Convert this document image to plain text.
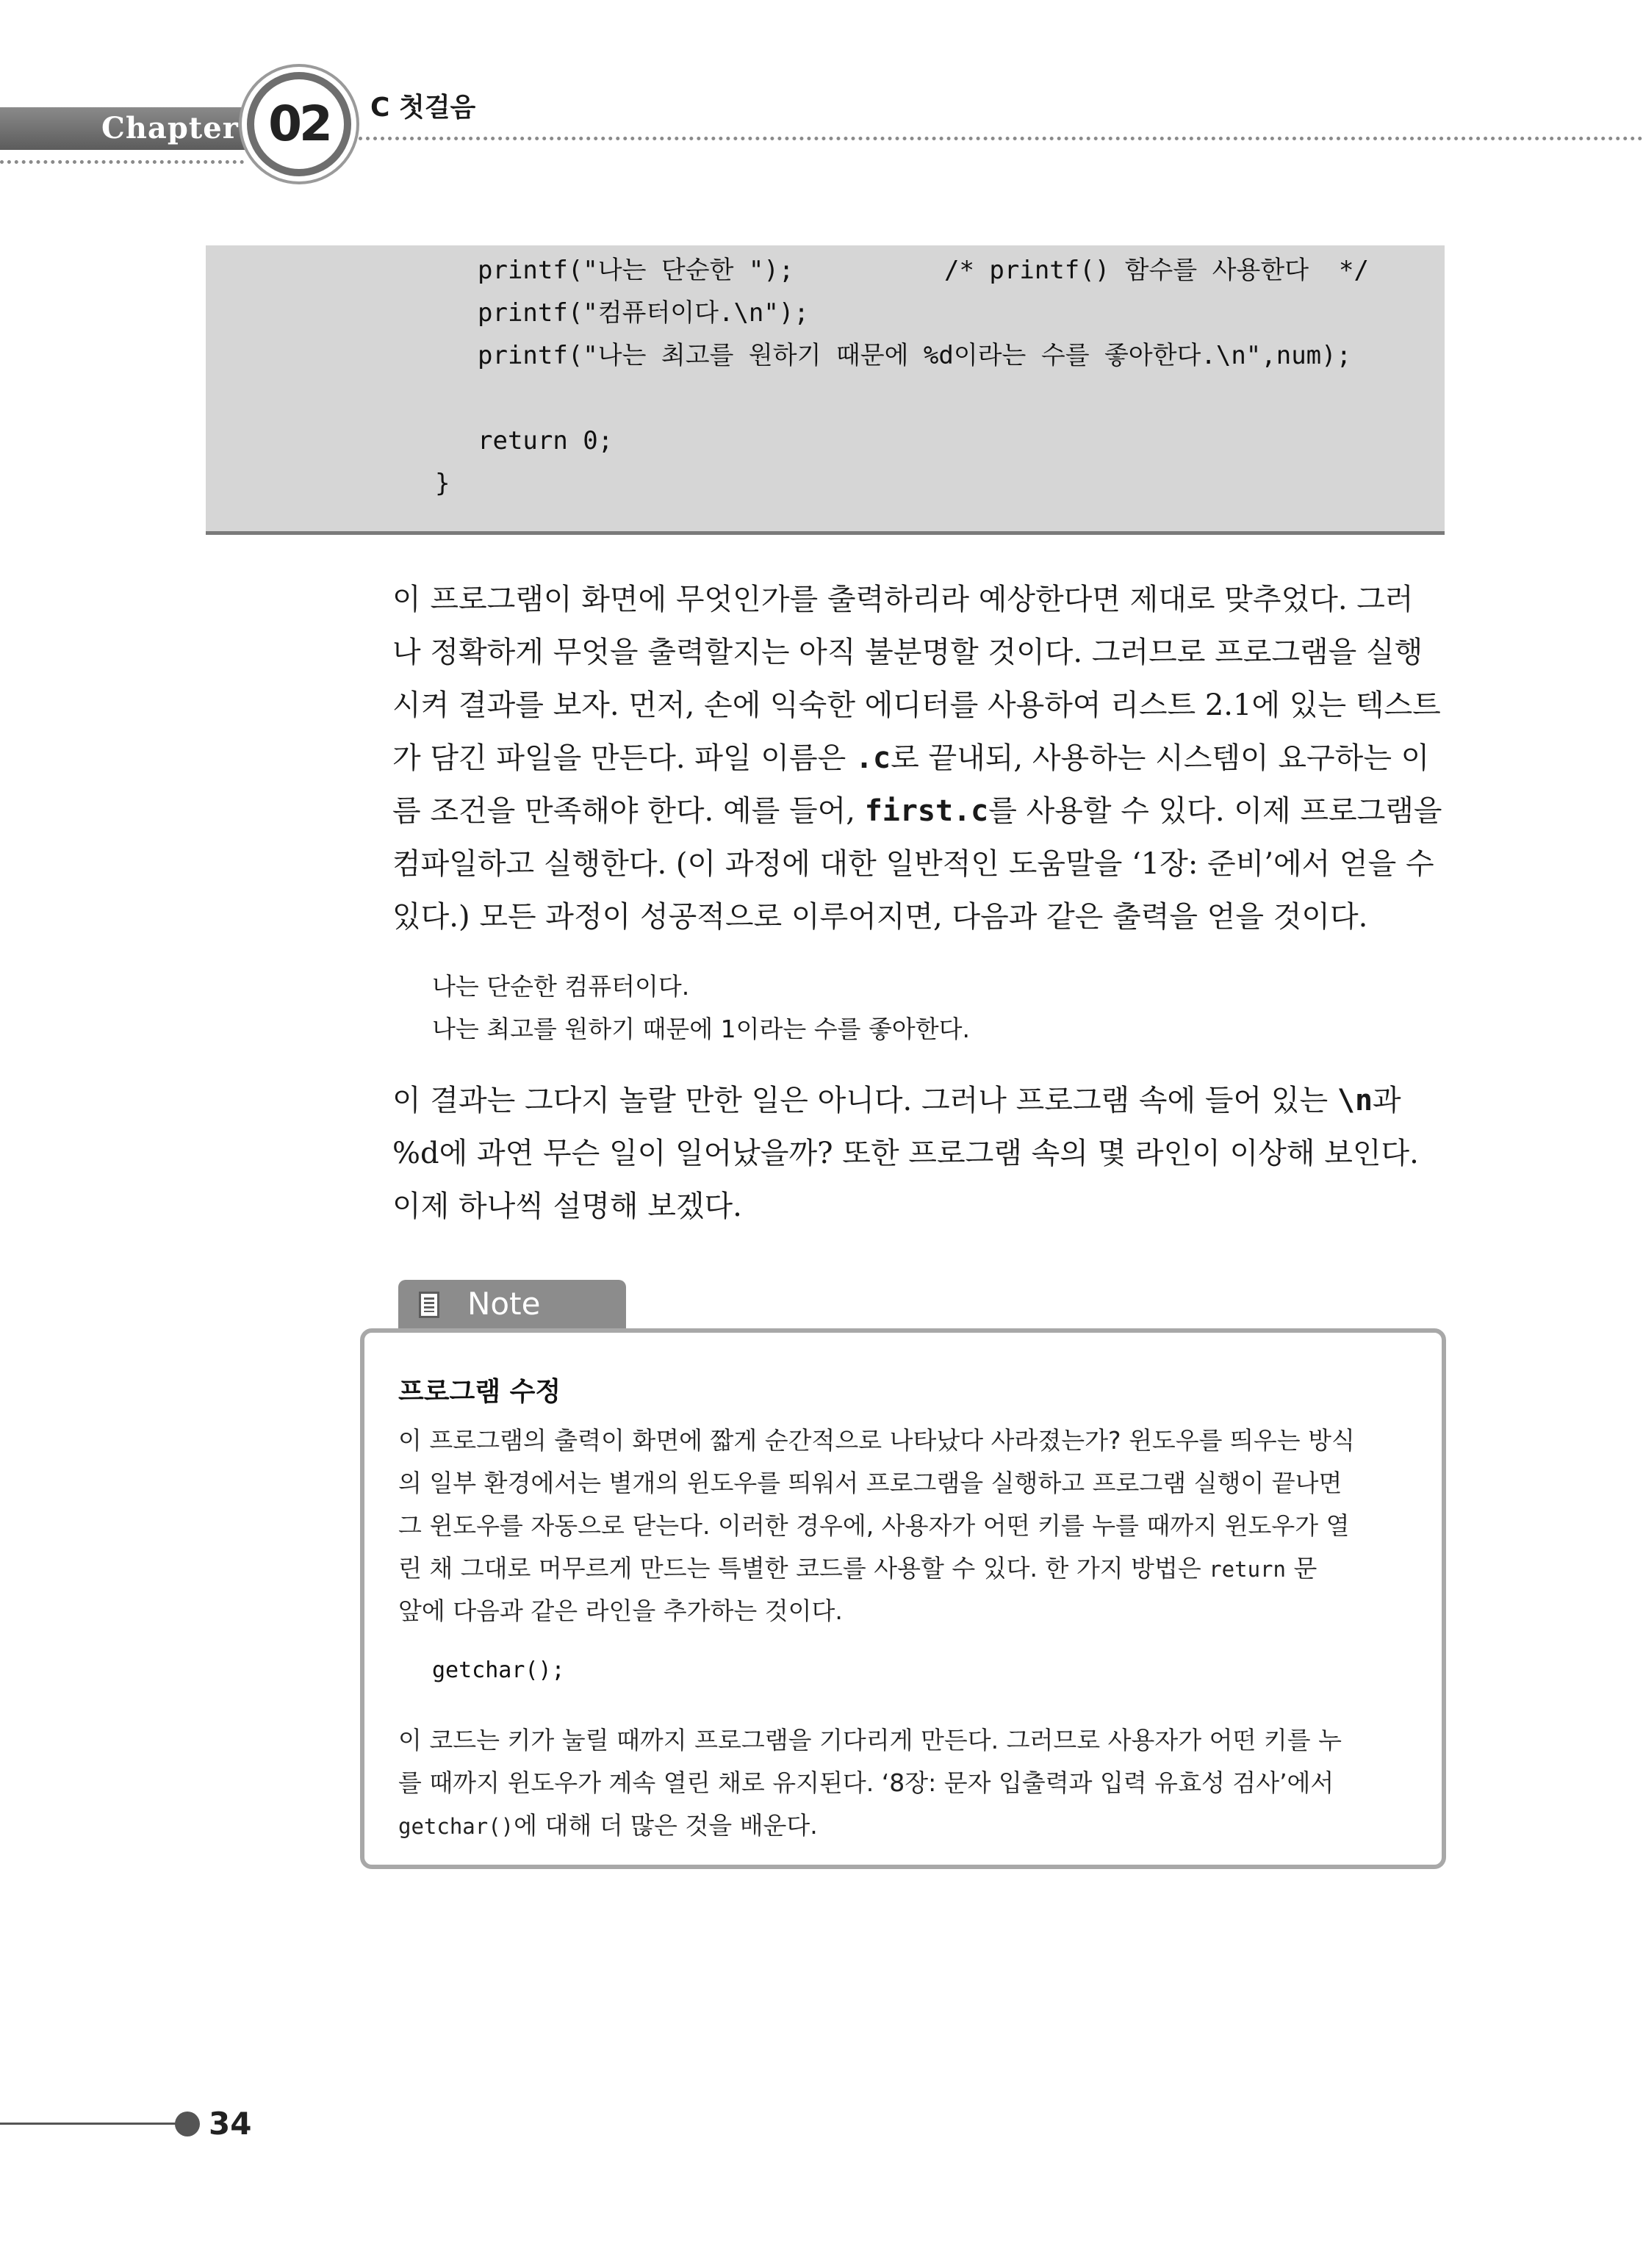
Chapter 02	C 첫걸음
printf("나는 단순한 ");          /* printf() 함수를 사용한다  */
printf("컴퓨터이다.\n");
printf("나는 최고를 원하기 때문에 %d이라는 수를 좋아한다.\n",num);
return 0;
}
이 프로그램이 화면에 무엇인가를 출력하리라 예상한다면 제대로 맞추었다. 그러
나 정확하게 무엇을 출력할지는 아직 불분명할 것이다. 그러므로 프로그램을 실행
시켜 결과를 보자. 먼저, 손에 익숙한 에디터를 사용하여 리스트 2.1에 있는 텍스트
가 담긴 파일을 만든다. 파일 이름은 .c로 끝내되, 사용하는 시스템이 요구하는 이
름 조건을 만족해야 한다. 예를 들어, first.c를 사용할 수 있다. 이제 프로그램을
컴파일하고 실행한다. (이 과정에 대한 일반적인 도움말을 ‘1장: 준비’에서 얻을 수
있다.) 모든 과정이 성공적으로 이루어지면, 다음과 같은 출력을 얻을 것이다.
나는 단순한 컴퓨터이다.
나는 최고를 원하기 때문에 1이라는 수를 좋아한다.
이 결과는 그다지 놀랄 만한 일은 아니다. 그러나 프로그램 속에 들어 있는 \n과
%d에 과연 무슨 일이 일어났을까? 또한 프로그램 속의 몇 라인이 이상해 보인다.
이제 하나씩 설명해 보겠다.
Note
프로그램 수정
이 프로그램의 출력이 화면에 짧게 순간적으로 나타났다 사라졌는가? 윈도우를 띄우는 방식
의 일부 환경에서는 별개의 윈도우를 띄워서 프로그램을 실행하고 프로그램 실행이 끝나면
그 윈도우를 자동으로 닫는다. 이러한 경우에, 사용자가 어떤 키를 누를 때까지 윈도우가 열
린 채 그대로 머무르게 만드는 특별한 코드를 사용할 수 있다. 한 가지 방법은 return 문
앞에 다음과 같은 라인을 추가하는 것이다.
getchar();
이 코드는 키가 눌릴 때까지 프로그램을 기다리게 만든다. 그러므로 사용자가 어떤 키를 누
를 때까지 윈도우가 계속 열린 채로 유지된다. ‘8장: 문자 입출력과 입력 유효성 검사’에서
getchar()에 대해 더 많은 것을 배운다.
34
